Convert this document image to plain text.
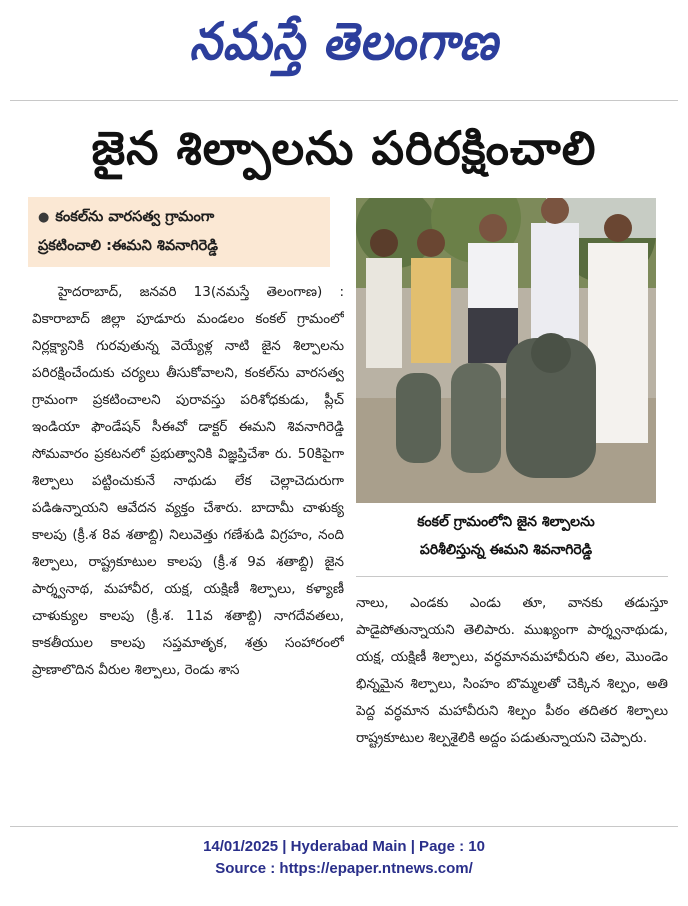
నమస్తే తెలంగాణ
జైన శిల్పాలను పరిరక్షించాలి
● కంకల్‌ను వారసత్వ గ్రామంగా
ప్రకటించాలి :ఈమని శివనాగిరెడ్డి

హైదరాబాద్, జనవరి 13(నమస్తే తెలంగాణ) : వికారాబాద్ జిల్లా పూడూరు మండలం కంకల్ గ్రామంలో నిర్లక్ష్యానికి గురవుతున్న వెయ్యేళ్ల నాటి జైన శిల్పాలను పరిరక్షించేందుకు చర్యలు తీసుకోవాలని, కంకల్‌ను వారసత్వ గ్రామంగా ప్రకటించాలని పురావస్తు పరిశోధకుడు, ప్లీచ్ ఇండియా ఫౌండేషన్ సీఈవో డాక్టర్ ఈమని శివనాగిరెడ్డి సోమవారం ప్రకటనలో ప్రభుత్వానికి విజ్ఞప్తిచేశా రు. 50కిపైగా శిల్పాలు పట్టించుకునే నాథుడు లేక చెల్లాచెదురుగా పడిఉన్నాయని ఆవేదన వ్యక్తం చేశారు. బాదామీ చాళుక్య కాలపు (క్రీ.శ 8వ శతాబ్ది) నిలువెత్తు గణేశుడి విగ్రహం, నంది శిల్పాలు, రాష్ట్రకూటుల కాలపు (క్రీ.శ 9వ శతాబ్ది) జైన పార్శ్వనాథ, మహావీర, యక్ష, యక్షిణీ శిల్పాలు, కళ్యాణీ చాళుక్యుల కాలపు (క్రీ.శ. 11వ శతాబ్ది) నాగదేవతలు, కాకతీయుల కాలపు సప్తమాతృక, శత్రు సంహారంలో ప్రాణాలొదిన వీరుల శిల్పాలు, రెండు శాస

కంకల్ గ్రామంలోని జైన శిల్పాలను
పరిశీలిస్తున్న ఈమని శివనాగిరెడ్డి

నాలు, ఎండకు ఎండు తూ, వానకు తడుస్తూ పాడైపోతున్నాయని తెలిపారు. ముఖ్యంగా పార్శ్వనాథుడు, యక్ష, యక్షిణీ శిల్పాలు, వర్ధమానమహావీరుని తల, మొండెం భిన్నమైన శిల్పాలు, సింహం బొమ్మలతో చెక్కిన శిల్పం, అతి పెద్ద వర్ధమాన మహావీరుని శిల్పం పీఠం తదితర శిల్పాలు రాష్ట్రకూటుల శిల్పశైలికి అద్దం పడుతున్నాయని చెప్పారు.

14/01/2025 | Hyderabad Main | Page : 10
Source : https://epaper.ntnews.com/
